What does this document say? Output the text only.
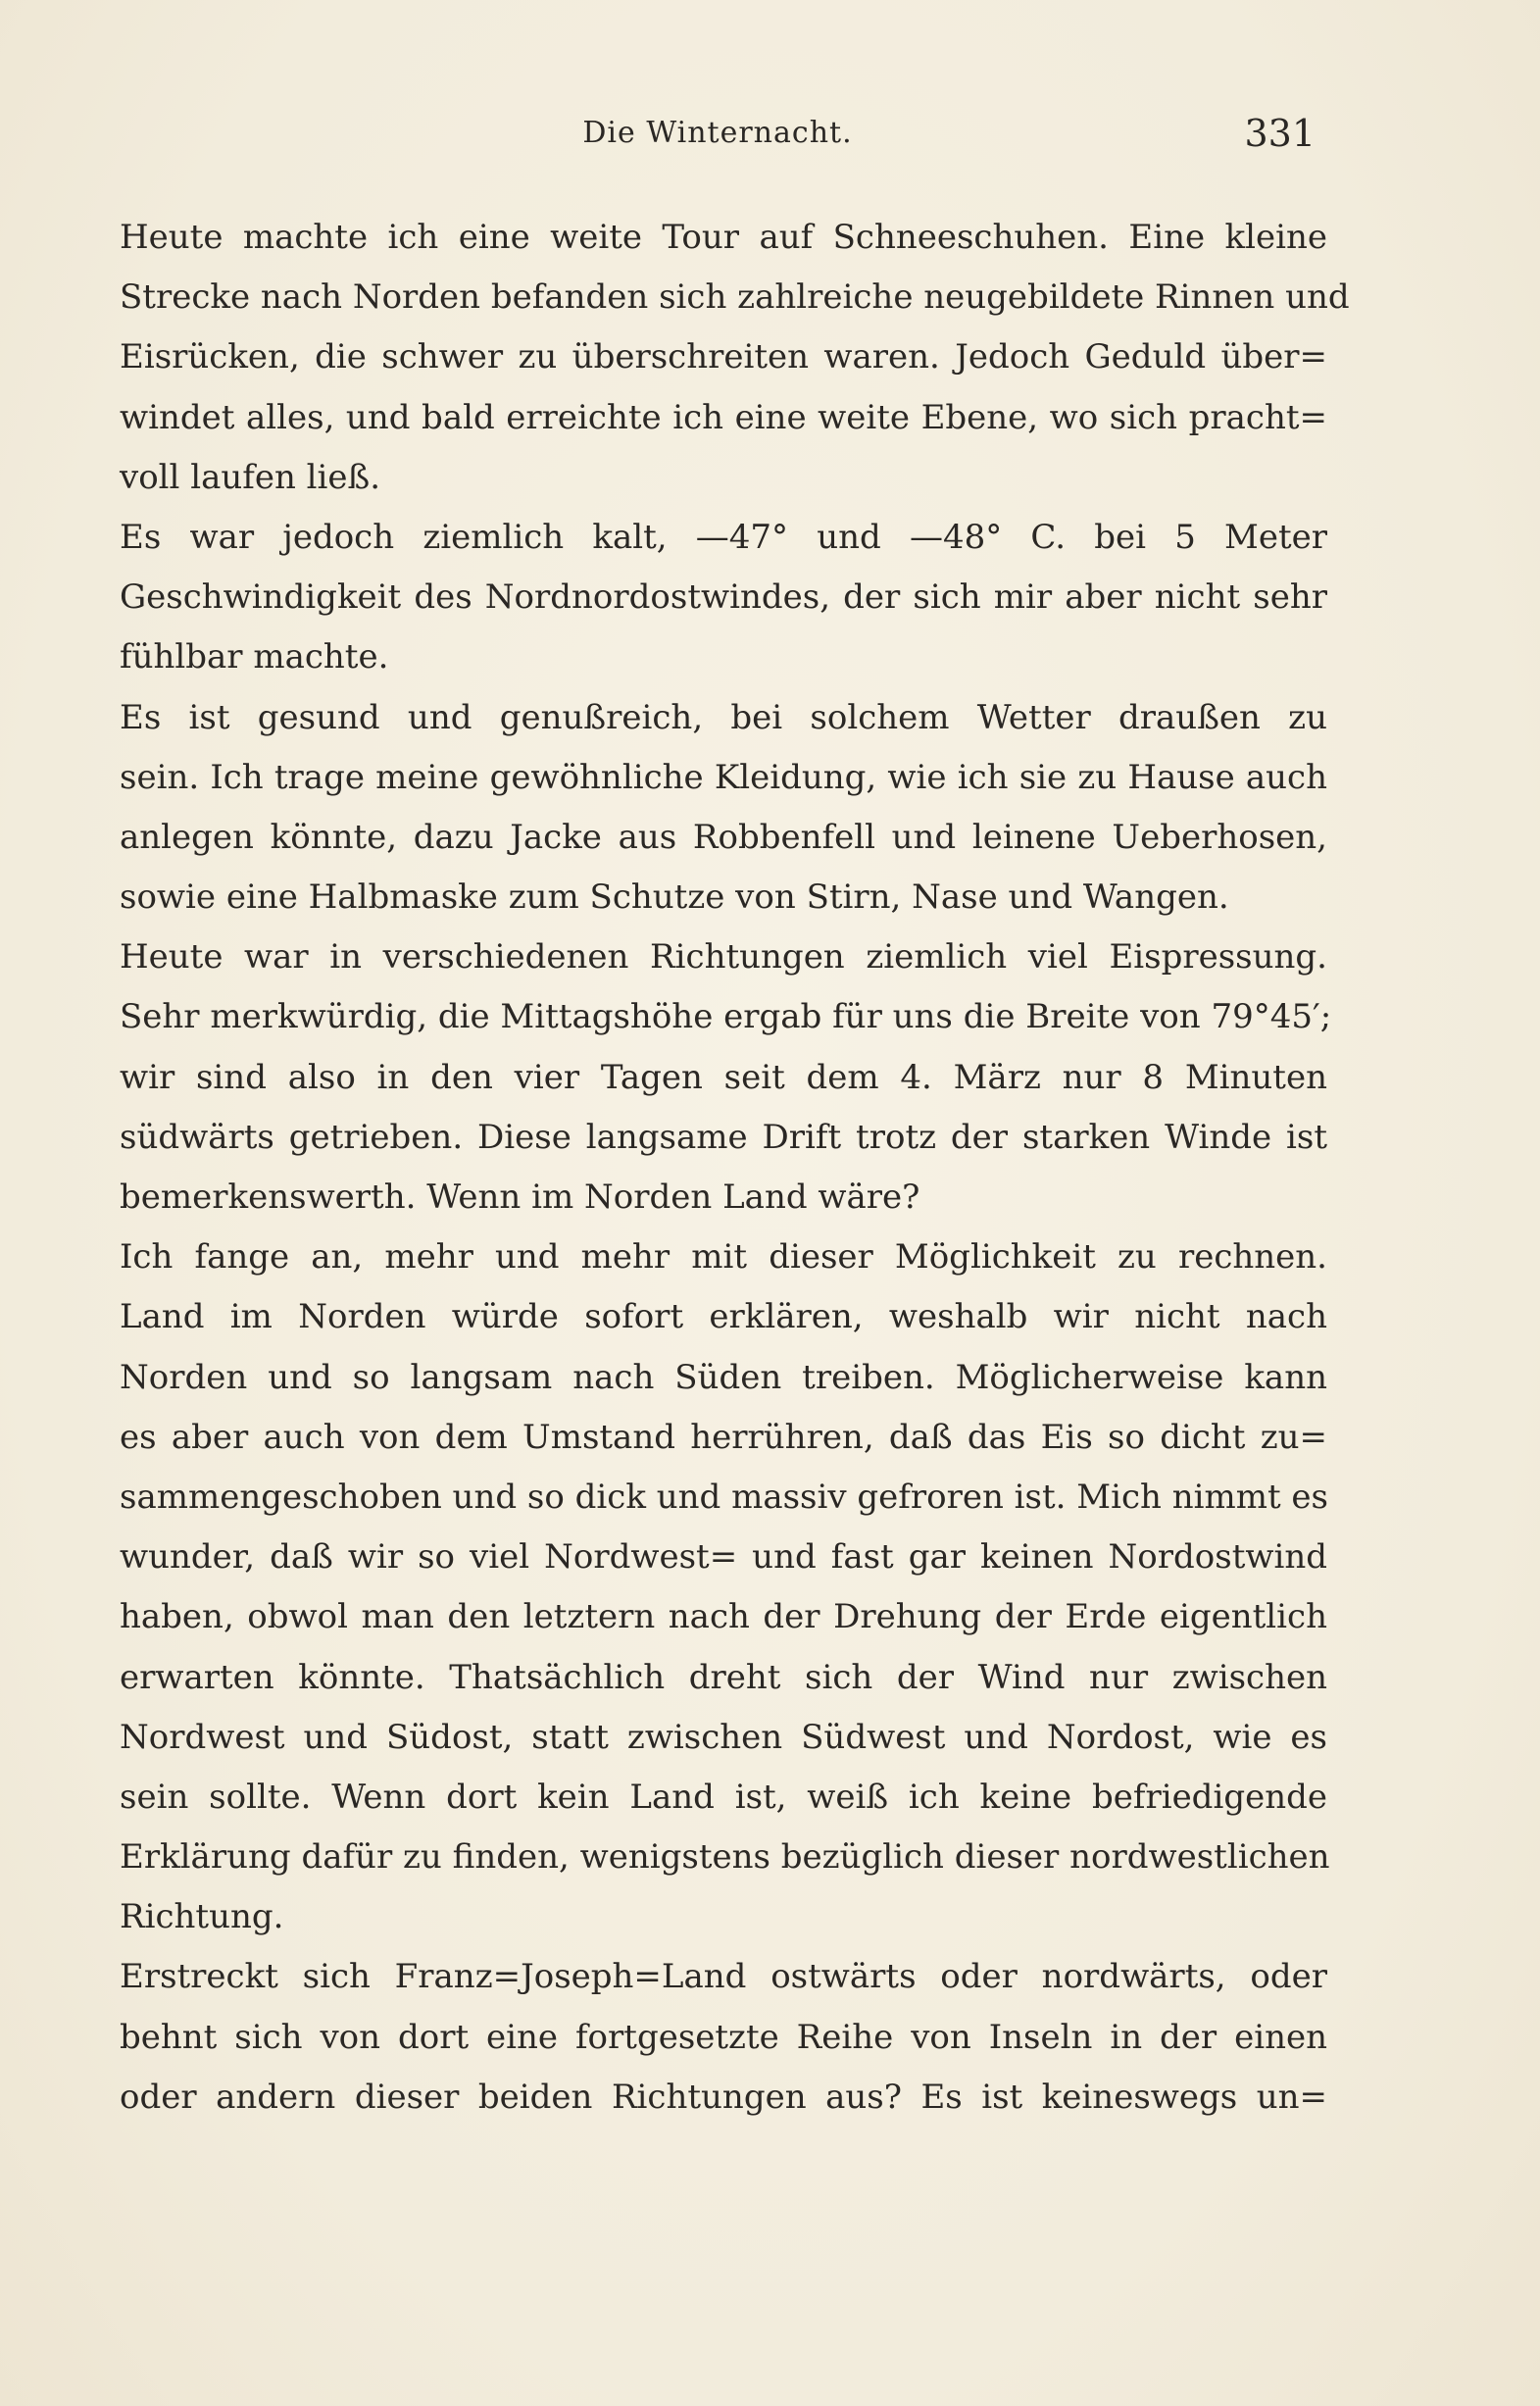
Die Winternacht.	331
Heute machte ich eine weite Tour auf Schneeschuhen. Eine kleine
Strecke nach Norden befanden sich zahlreiche neugebildete Rinnen und
Eisrücken, die schwer zu überschreiten waren. Jedoch Geduld über=
windet alles, und bald erreichte ich eine weite Ebene, wo sich pracht=
voll laufen ließ.
Es war jedoch ziemlich kalt, —47° und —48° C. bei 5 Meter
Geschwindigkeit des Nordnordostwindes, der sich mir aber nicht sehr
fühlbar machte.
Es ist gesund und genußreich, bei solchem Wetter draußen zu
sein. Ich trage meine gewöhnliche Kleidung, wie ich sie zu Hause auch
anlegen könnte, dazu Jacke aus Robbenfell und leinene Ueberhosen,
sowie eine Halbmaske zum Schutze von Stirn, Nase und Wangen.
Heute war in verschiedenen Richtungen ziemlich viel Eispressung.
Sehr merkwürdig, die Mittagshöhe ergab für uns die Breite von 79°45′;
wir sind also in den vier Tagen seit dem 4. März nur 8 Minuten
südwärts getrieben. Diese langsame Drift trotz der starken Winde ist
bemerkenswerth. Wenn im Norden Land wäre?
Ich fange an, mehr und mehr mit dieser Möglichkeit zu rechnen.
Land im Norden würde sofort erklären, weshalb wir nicht nach
Norden und so langsam nach Süden treiben. Möglicherweise kann
es aber auch von dem Umstand herrühren, daß das Eis so dicht zu=
sammengeschoben und so dick und massiv gefroren ist. Mich nimmt es
wunder, daß wir so viel Nordwest= und fast gar keinen Nordostwind
haben, obwol man den letztern nach der Drehung der Erde eigentlich
erwarten könnte. Thatsächlich dreht sich der Wind nur zwischen
Nordwest und Südost, statt zwischen Südwest und Nordost, wie es
sein sollte. Wenn dort kein Land ist, weiß ich keine befriedigende
Erklärung dafür zu finden, wenigstens bezüglich dieser nordwestlichen
Richtung.
Erstreckt sich Franz=Joseph=Land ostwärts oder nordwärts, oder
behnt sich von dort eine fortgesetzte Reihe von Inseln in der einen
oder andern dieser beiden Richtungen aus? Es ist keineswegs un=
